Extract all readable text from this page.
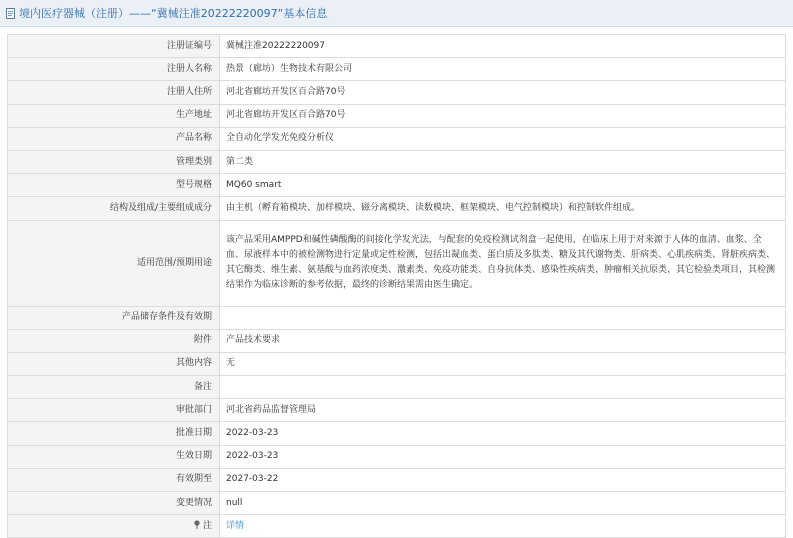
境内医疗器械（注册）——“冀械注准20222220097”基本信息
注册证编号	冀械注准20222220097
注册人名称	热景（廊坊）生物技术有限公司
注册人住所	河北省廊坊开发区百合路70号
生产地址	河北省廊坊开发区百合路70号
产品名称	全自动化学发光免疫分析仪
管理类别	第二类
型号规格	MQ60 smart
结构及组成/主要组成成分	由主机（孵育箱模块、加样模块、磁分离模块、读数模块、框架模块、电气控制模块）和控制软件组成。
适用范围/预期用途	该产品采用AMPPD和碱性磷酸酶的间接化学发光法，与配套的免疫检测试剂盒一起使用，在临床上用于对来源于人体的血清、血浆、全血、尿液样本中的被检测物进行定量或定性检测，包括出凝血类、蛋白质及多肽类、糖及其代谢物类、肝病类、心肌疾病类、肾脏疾病类、其它酶类、维生素、氨基酸与血药浓度类、激素类、免疫功能类、自身抗体类、感染性疾病类、肿瘤相关抗原类、其它检验类项目，其检测结果作为临床诊断的参考依据，最终的诊断结果需由医生确定。
产品储存条件及有效期	
附件	产品技术要求
其他内容	无
备注	
审批部门	河北省药品监督管理局
批准日期	2022-03-23
生效日期	2022-03-23
有效期至	2027-03-22
变更情况	null
注	详情
